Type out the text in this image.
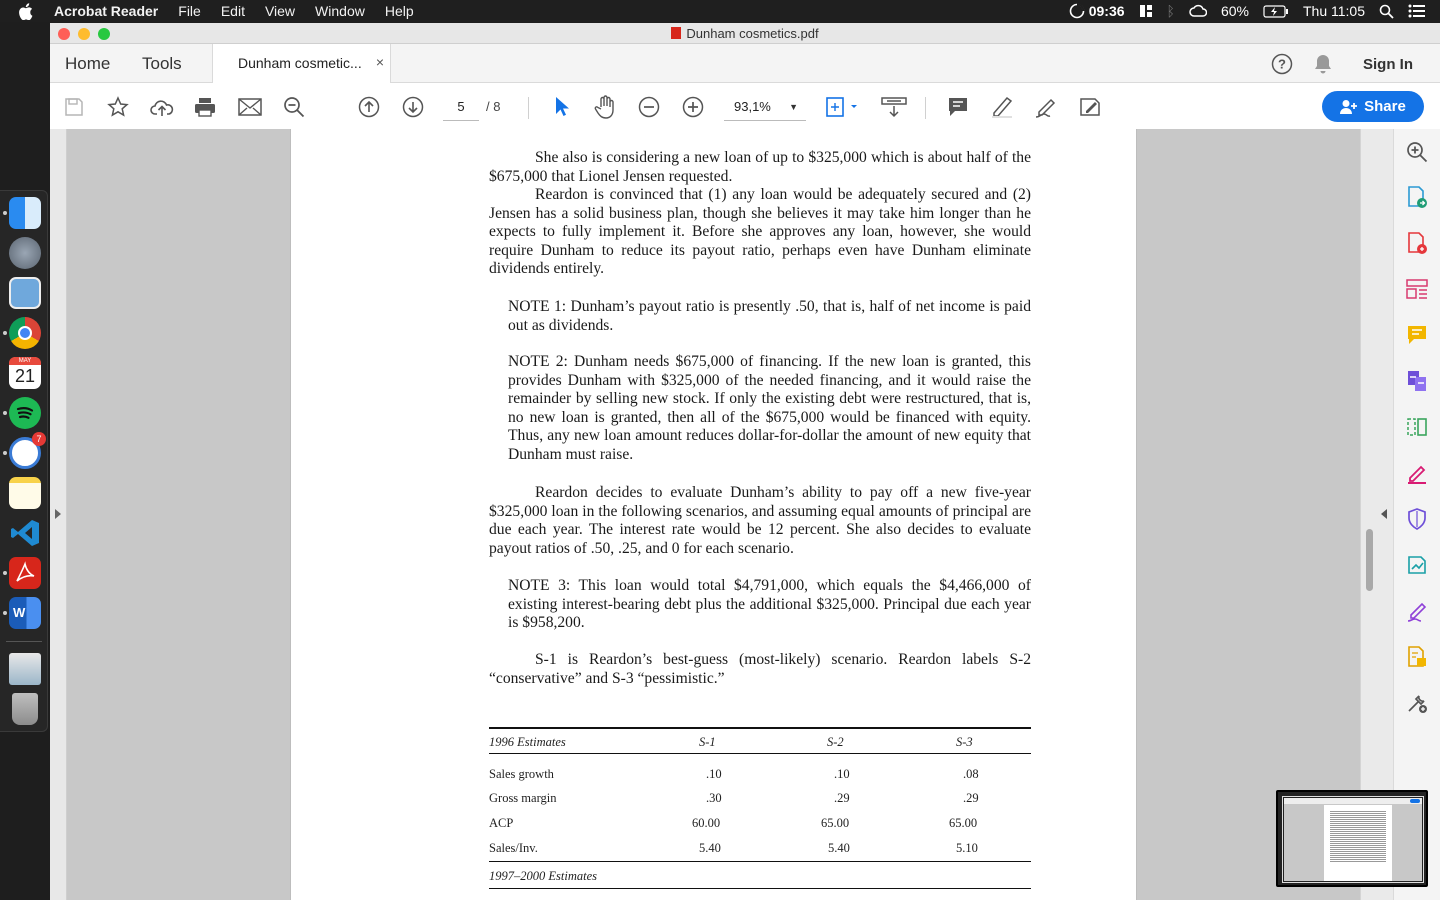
Acrobat Reader File Edit View Window Help	09:36	ᛒ	60%	Thu 11:05
MAY
21
7
W
Dunham cosmetics.pdf
Home Tools	Dunham cosmetic... ×	?	Sign In
5	/ 8	93,1% ▼	Share
She also is considering a new loan of up to $325,000 which is about half of the $675,000 that Lionel Jensen requested.
Reardon is convinced that (1) any loan would be adequately secured and (2) Jensen has a solid business plan, though she believes it may take him longer than he expects to fully implement it. Before she approves any loan, however, she would require Dunham to reduce its payout ratio, perhaps even have Dunham eliminate dividends entirely.
NOTE 1: Dunham’s payout ratio is presently .50, that is, half of net income is paid out as dividends.
NOTE 2: Dunham needs $675,000 of financing. If the new loan is granted, this provides Dunham with $325,000 of the needed financing, and it would raise the remainder by selling new stock. If only the existing debt were restructured, that is, no new loan is granted, then all of the $675,000 would be financed with equity. Thus, any new loan amount reduces dollar-for-dollar the amount of new equity that Dunham must raise.
Reardon decides to evaluate Dunham’s ability to pay off a new five-year $325,000 loan in the following scenarios, and assuming equal amounts of principal are due each year. The interest rate would be 12 percent. She also decides to evaluate payout ratios of .50, .25, and 0 for each scenario.
NOTE 3: This loan would total $4,791,000, which equals the $4,466,000 of existing interest-bearing debt plus the additional $325,000. Principal due each year is $958,200.
S-1 is Reardon’s best-guess (most-likely) scenario. Reardon labels S-2 “conservative” and S-3 “pessimistic.”
1996 Estimates	S-1	S-2	S-3
Sales growth	.10	.10	.08
Gross margin	.30	.29	.29
ACP	60.00	65.00	65.00
Sales/Inv.	5.40	5.40	5.10
1997–2000 Estimates
